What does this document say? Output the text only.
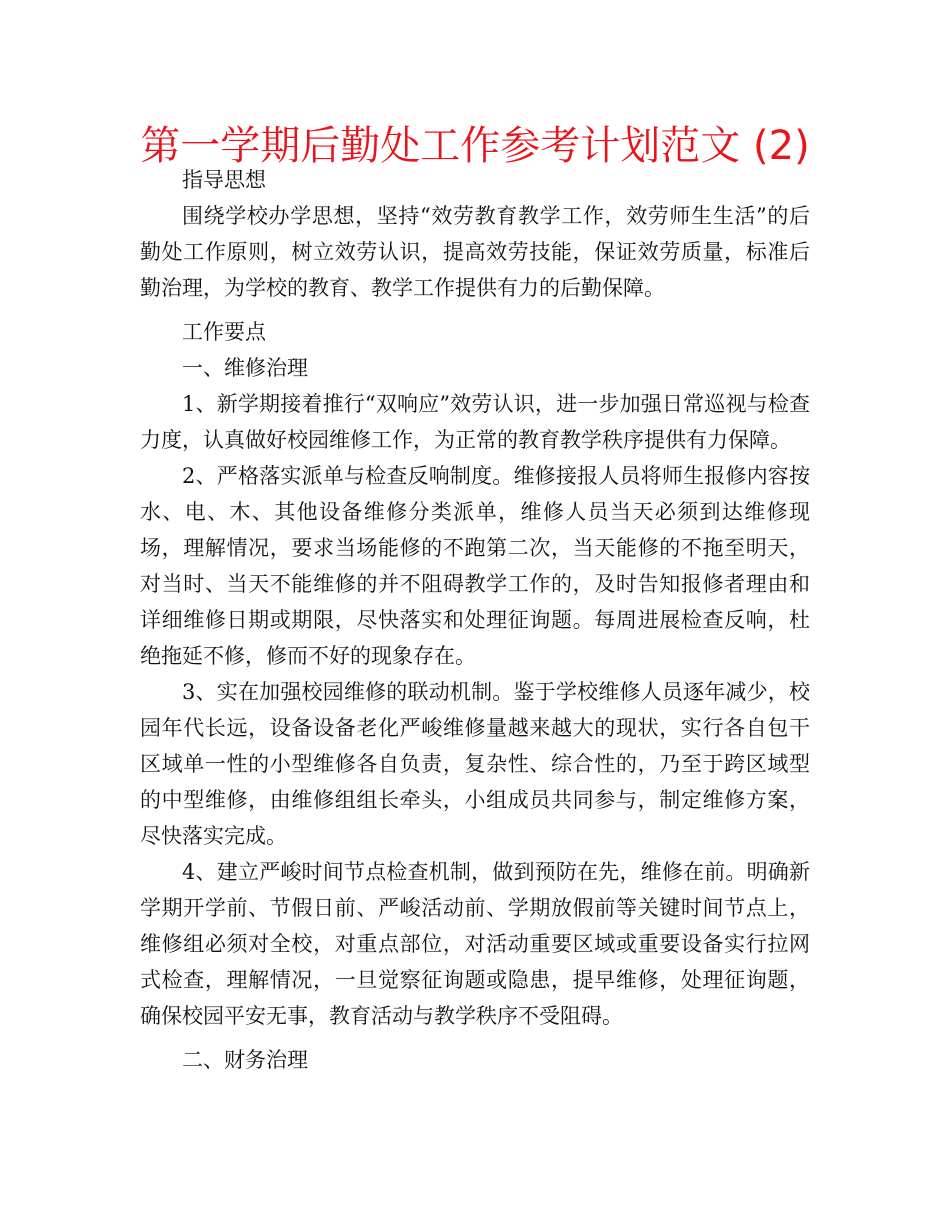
第一学期后勤处工作参考计划范文 (2)

指导思想

围绕学校办学思想，坚持“效劳教育教学工作，效劳师生生活”的后勤处工作原则，树立效劳认识，提高效劳技能，保证效劳质量，标准后勤治理，为学校的教育、教学工作提供有力的后勤保障。

工作要点

一、维修治理

1、新学期接着推行“双响应”效劳认识，进一步加强日常巡视与检查力度，认真做好校园维修工作，为正常的教育教学秩序提供有力保障。

2、严格落实派单与检查反响制度。维修接报人员将师生报修内容按水、电、木、其他设备维修分类派单，维修人员当天必须到达维修现场，理解情况，要求当场能修的不跑第二次，当天能修的不拖至明天，对当时、当天不能维修的并不阻碍教学工作的，及时告知报修者理由和详细维修日期或期限，尽快落实和处理征询题。每周进展检查反响，杜绝拖延不修，修而不好的现象存在。

3、实在加强校园维修的联动机制。鉴于学校维修人员逐年减少，校园年代长远，设备设备老化严峻维修量越来越大的现状，实行各自包干区域单一性的小型维修各自负责，复杂性、综合性的，乃至于跨区域型的中型维修，由维修组组长牵头，小组成员共同参与，制定维修方案，尽快落实完成。

4、建立严峻时间节点检查机制，做到预防在先，维修在前。明确新学期开学前、节假日前、严峻活动前、学期放假前等关键时间节点上，维修组必须对全校，对重点部位，对活动重要区域或重要设备实行拉网式检查，理解情况，一旦觉察征询题或隐患，提早维修，处理征询题，确保校园平安无事，教育活动与教学秩序不受阻碍。

二、财务治理
